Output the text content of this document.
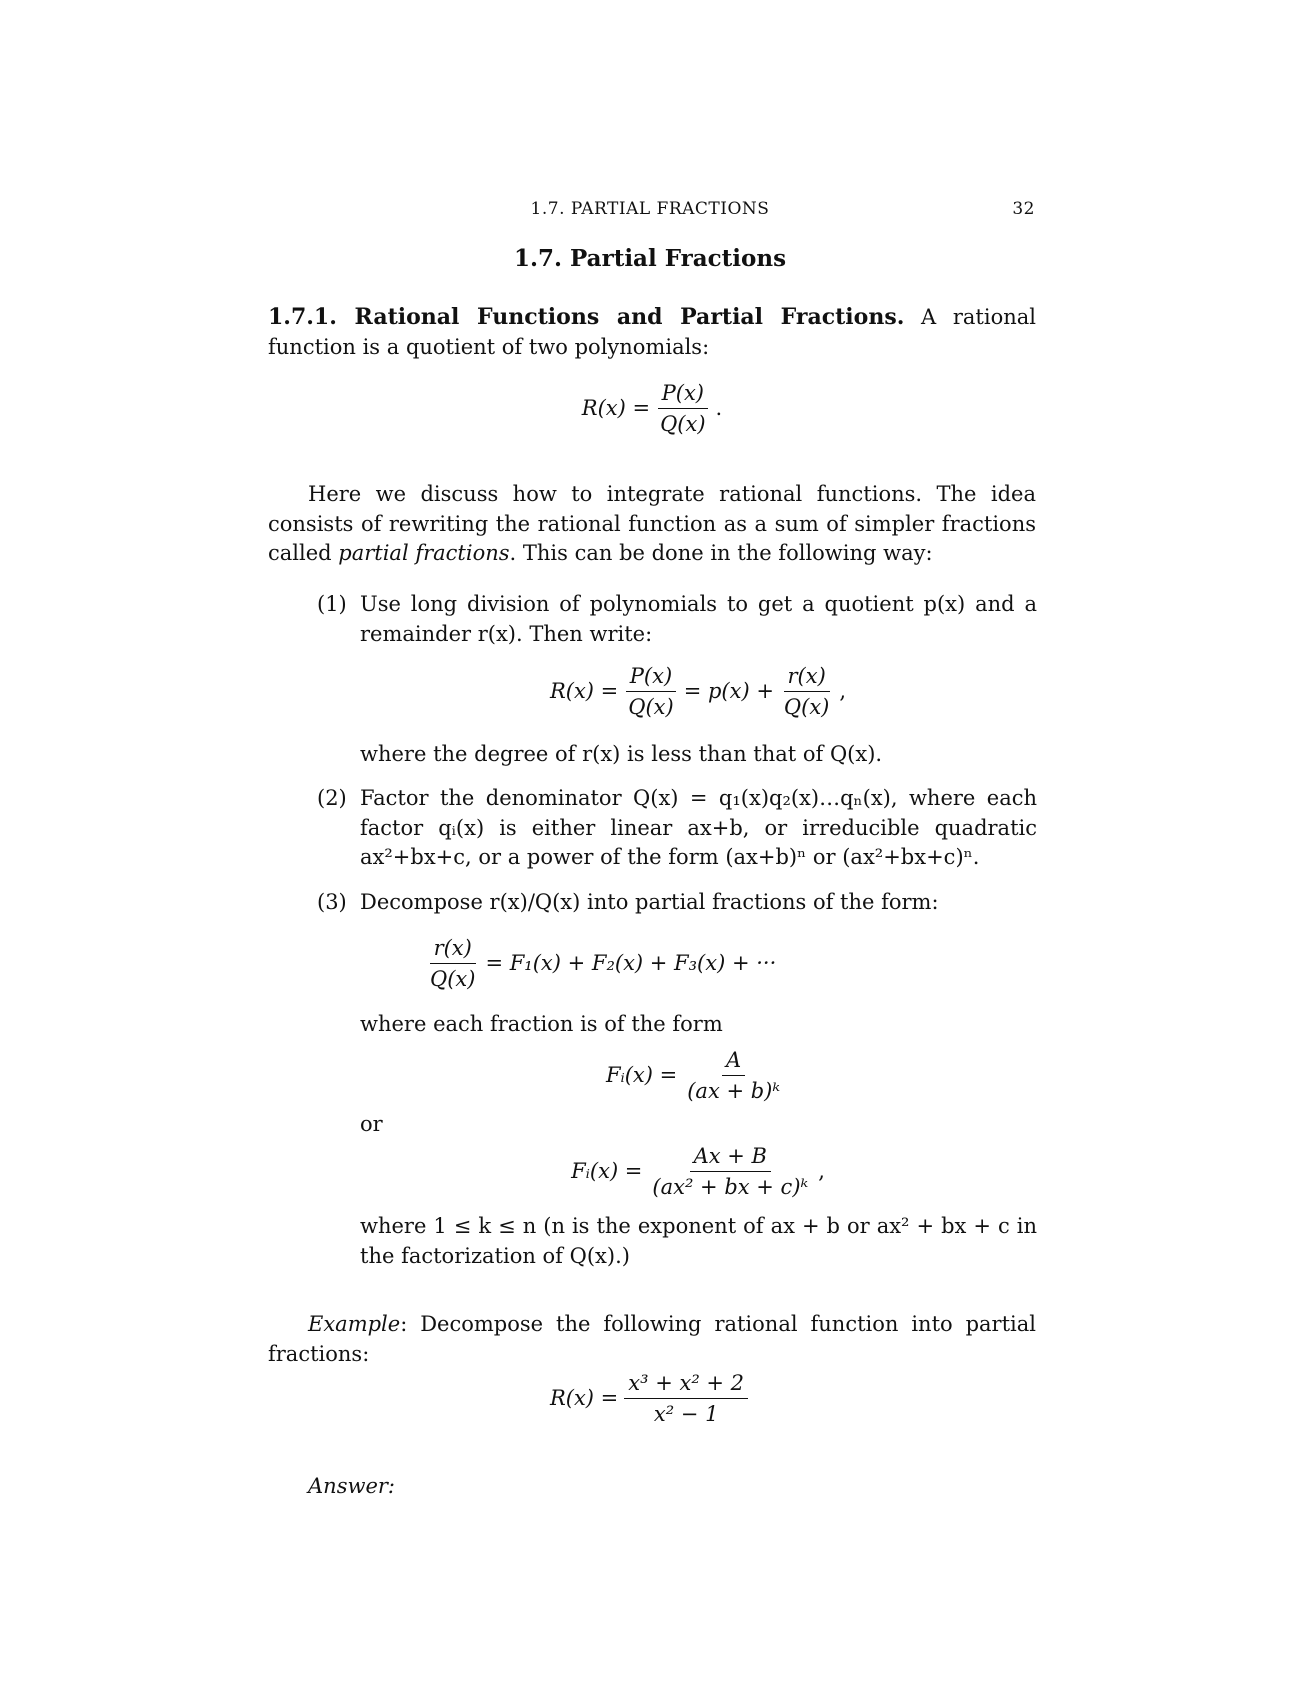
1.7. PARTIAL FRACTIONS	32
1.7. Partial Fractions
1.7.1. Rational Functions and Partial Fractions. A rational function is a quotient of two polynomials:
$R(x) = \frac{P(x)}{Q(x)}$ .
Here we discuss how to integrate rational functions. The idea consists of rewriting the rational function as a sum of simpler fractions called partial fractions. This can be done in the following way:
(1) Use long division of polynomials to get a quotient p(x) and a remainder r(x). Then write:
$R(x) = \frac{P(x)}{Q(x)} = p(x) + \frac{r(x)}{Q(x)}$ ,
where the degree of r(x) is less than that of Q(x).
(2) Factor the denominator Q(x) = q₁(x)q₂(x)…qₙ(x), where each factor qᵢ(x) is either linear ax+b, or irreducible quadratic ax²+bx+c, or a power of the form (ax+b)ⁿ or (ax²+bx+c)ⁿ.
(3) Decompose r(x)/Q(x) into partial fractions of the form:
$\frac{r(x)}{Q(x)} = F_1(x) + F_2(x) + F_3(x)$ + ···
where each fraction is of the form
Fᵢ(x) = $\frac{A}{\text{(ax + b)ᵏ}}$
or
Fᵢ(x) = $\frac{Ax + B}{\text{(ax² + bx + c)ᵏ}}$ ,
where 1 ≤ k ≤ n (n is the exponent of ax + b or ax² + bx + c in the factorization of Q(x).)
Example: Decompose the following rational function into partial fractions:
$R(x) = \frac{\text{x³ + x² + 2}}{\text{x² − 1}}$
Answer:
